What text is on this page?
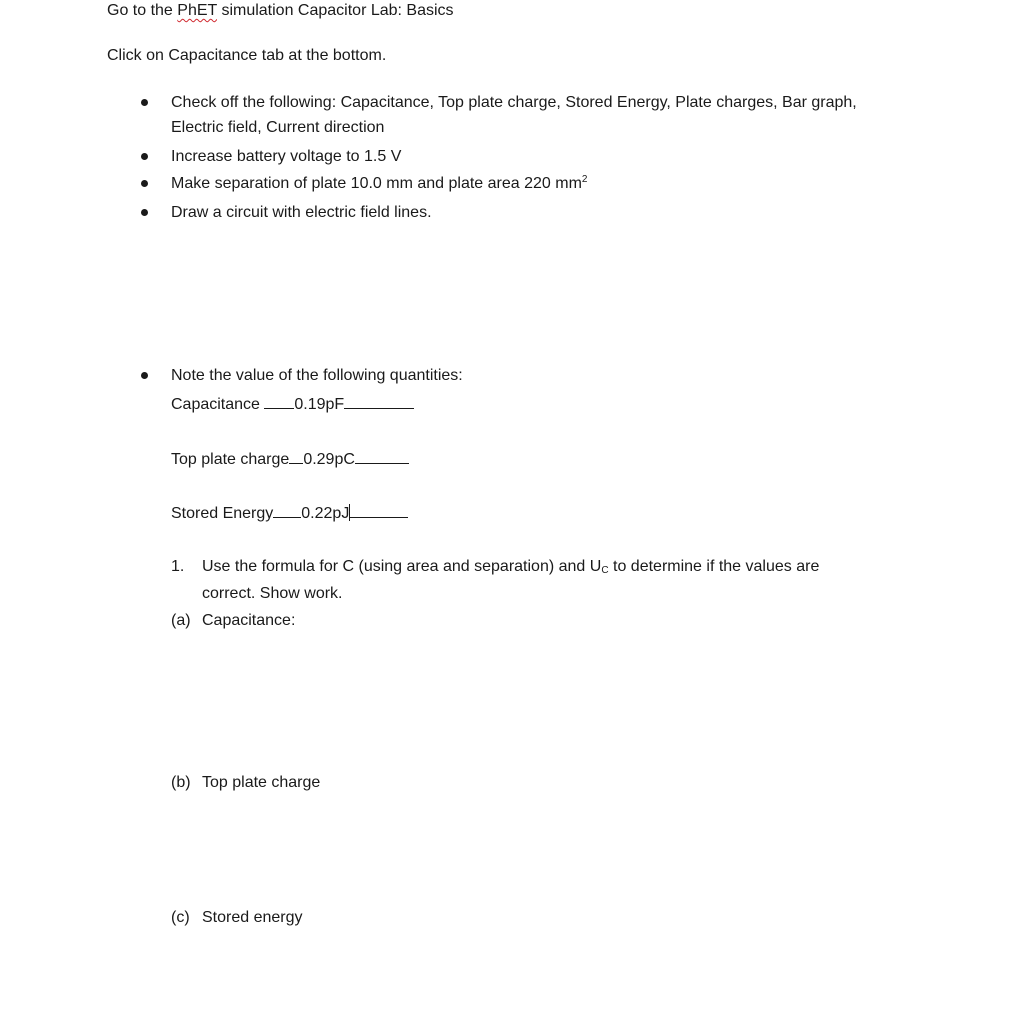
Go to the PhET simulation Capacitor Lab: Basics
Click on Capacitance tab at the bottom.
Check off the following: Capacitance, Top plate charge, Stored Energy, Plate charges, Bar graph,
Electric field, Current direction
Increase battery voltage to 1.5 V
Make separation of plate 10.0 mm and plate area 220 $mm^2$
Draw a circuit with electric field lines.
Note the value of the following quantities:
Capacitance 0.19pF
Top plate charge 0.29pC
Stored Energy 0.22pJ
1. Use the formula for C (using area and separation) and $U_C$ to determine if the values are
correct. Show work.
(a) Capacitance:
(b) Top plate charge
(c) Stored energy
